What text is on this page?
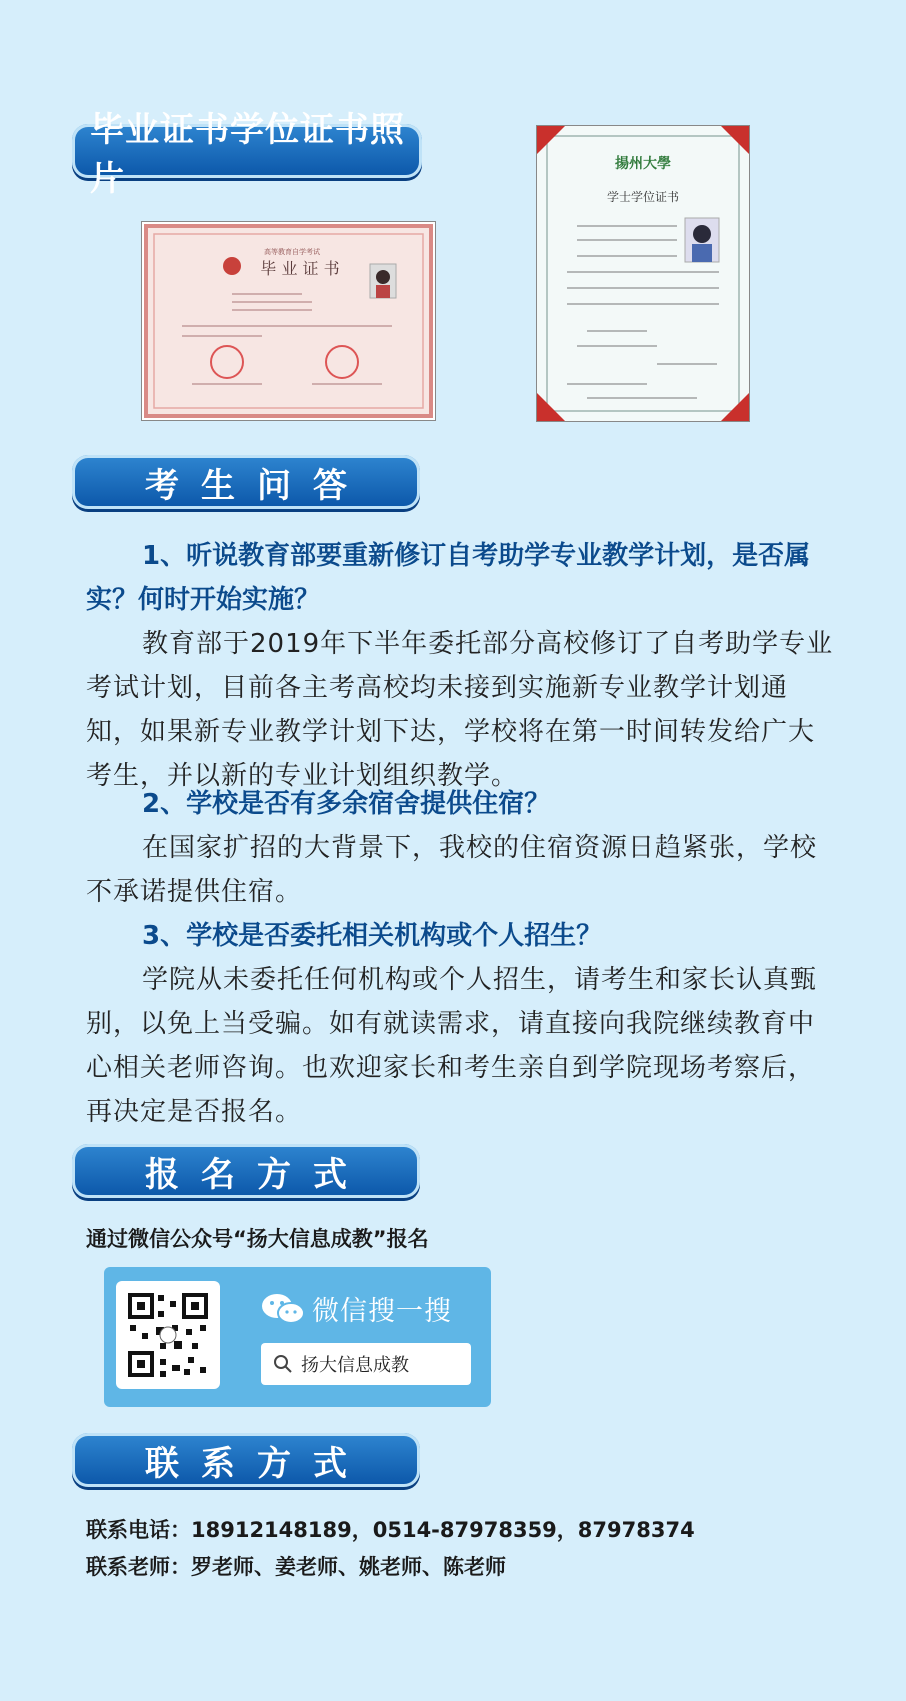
毕业证书学位证书照片
高等教育自学考试
毕 业 证 书
揚州大學
学士学位证书
考生问答
1、听说教育部要重新修订自考助学专业教学计划，是否属实？何时开始实施？
教育部于2019年下半年委托部分高校修订了自考助学专业考试计划，目前各主考高校均未接到实施新专业教学计划通知，如果新专业教学计划下达，学校将在第一时间转发给广大考生，并以新的专业计划组织教学。
2、学校是否有多余宿舍提供住宿？
在国家扩招的大背景下，我校的住宿资源日趋紧张，学校不承诺提供住宿。
3、学校是否委托相关机构或个人招生？
学院从未委托任何机构或个人招生，请考生和家长认真甄别，以免上当受骗。如有就读需求，请直接向我院继续教育中心相关老师咨询。也欢迎家长和考生亲自到学院现场考察后，再决定是否报名。
报名方式
通过微信公众号“扬大信息成教”报名
微信搜一搜
扬大信息成教
联系方式
联系电话：18912148189，0514-87978359，87978374
联系老师：罗老师、姜老师、姚老师、陈老师
